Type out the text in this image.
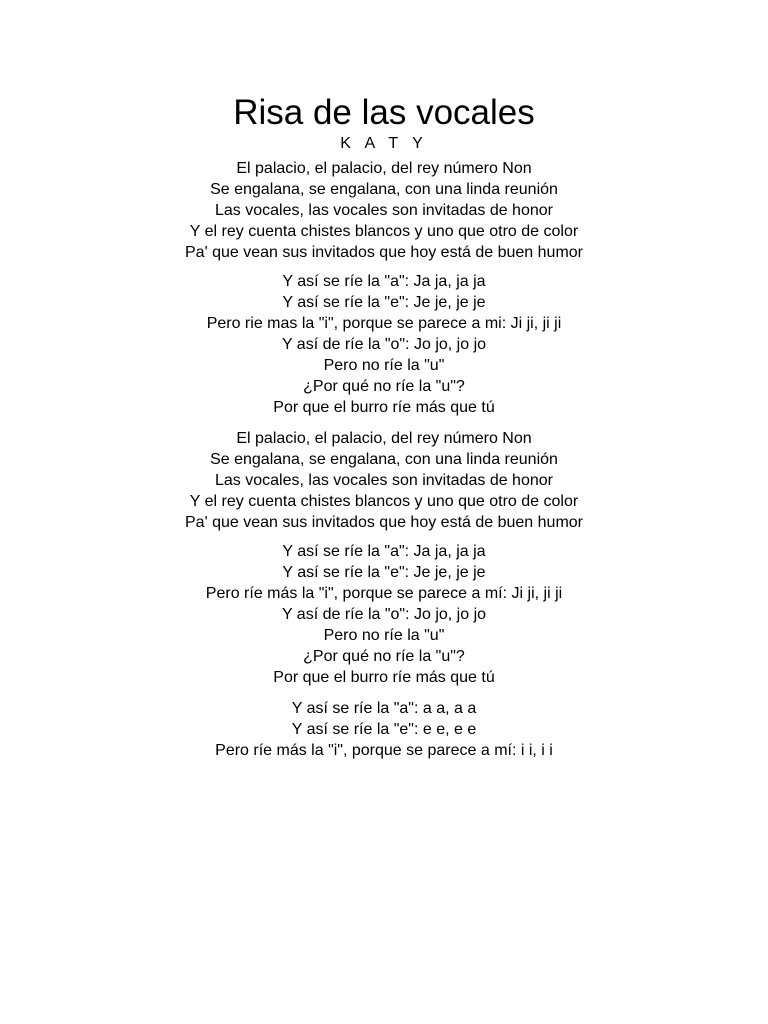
Risa de las vocales
K A T Y
El palacio, el palacio, del rey número Non
Se engalana, se engalana, con una linda reunión
Las vocales, las vocales son invitadas de honor
Y el rey cuenta chistes blancos y uno que otro de color
Pa' que vean sus invitados que hoy está de buen humor
Y así se ríe la "a": Ja ja, ja ja
Y así se ríe la "e": Je je, je je
Pero rie mas la "i", porque se parece a mi: Ji ji, ji ji
Y así de ríe la "o": Jo jo, jo jo
Pero no ríe la "u"
¿Por qué no ríe la "u"?
Por que el burro ríe más que tú
El palacio, el palacio, del rey número Non
Se engalana, se engalana, con una linda reunión
Las vocales, las vocales son invitadas de honor
Y el rey cuenta chistes blancos y uno que otro de color
Pa' que vean sus invitados que hoy está de buen humor
Y así se ríe la "a": Ja ja, ja ja
Y así se ríe la "e": Je je, je je
Pero ríe más la "i", porque se parece a mí: Ji ji, ji ji
Y así de ríe la "o": Jo jo, jo jo
Pero no ríe la "u"
¿Por qué no ríe la "u"?
Por que el burro ríe más que tú
Y así se ríe la "a": a a, a a
Y así se ríe la "e": e e, e e
Pero ríe más la "i", porque se parece a mí: i i, i i
